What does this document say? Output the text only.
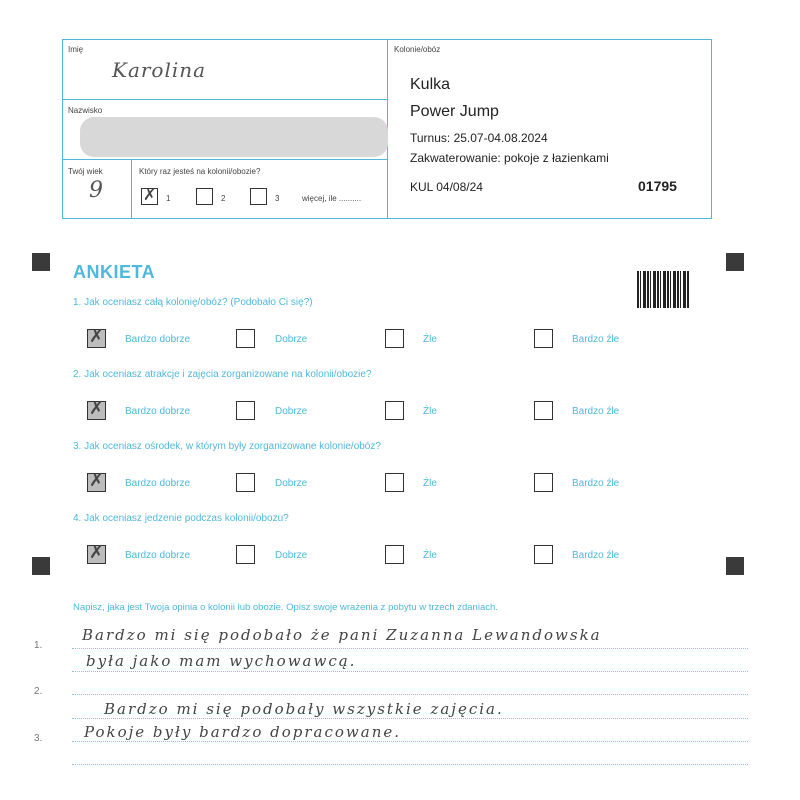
Imię
Karolina
Nazwisko
Twój wiek
9
Który raz jesteś na kolonii/obozie?
✗ 1	2	3	więcej, ile ..........
Kolonie/obóz
Kulka
Power Jump
Turnus: 25.07-04.08.2024
Zakwaterowanie: pokoje z łazienkami
KUL 04/08/24	01795
ANKIETA
1. Jak oceniasz całą kolonię/obóz? (Podobało Ci się?)
✗
Bardzo dobrze	Dobrze	Źle	Bardzo źle
2. Jak oceniasz atrakcje i zajęcia zorganizowane na kolonii/obozie?
✗
Bardzo dobrze	Dobrze	Źle	Bardzo źle
3. Jak oceniasz ośrodek, w którym były zorganizowane kolonie/obóz?
✗
Bardzo dobrze	Dobrze	Źle	Bardzo źle
4. Jak oceniasz jedzenie podczas kolonii/obozu?
✗
Bardzo dobrze	Dobrze	Źle	Bardzo źle
Napisz, jaka jest Twoja opinia o kolonii lub obozie. Opisz swoje wrażenia z pobytu w trzech zdaniach.
1.
2.
3.
Bardzo mi się podobało że pani Zuzanna Lewandowska
była jako mam wychowawcą.
Bardzo mi się podobały wszystkie zajęcia.
Pokoje były bardzo dopracowane.
